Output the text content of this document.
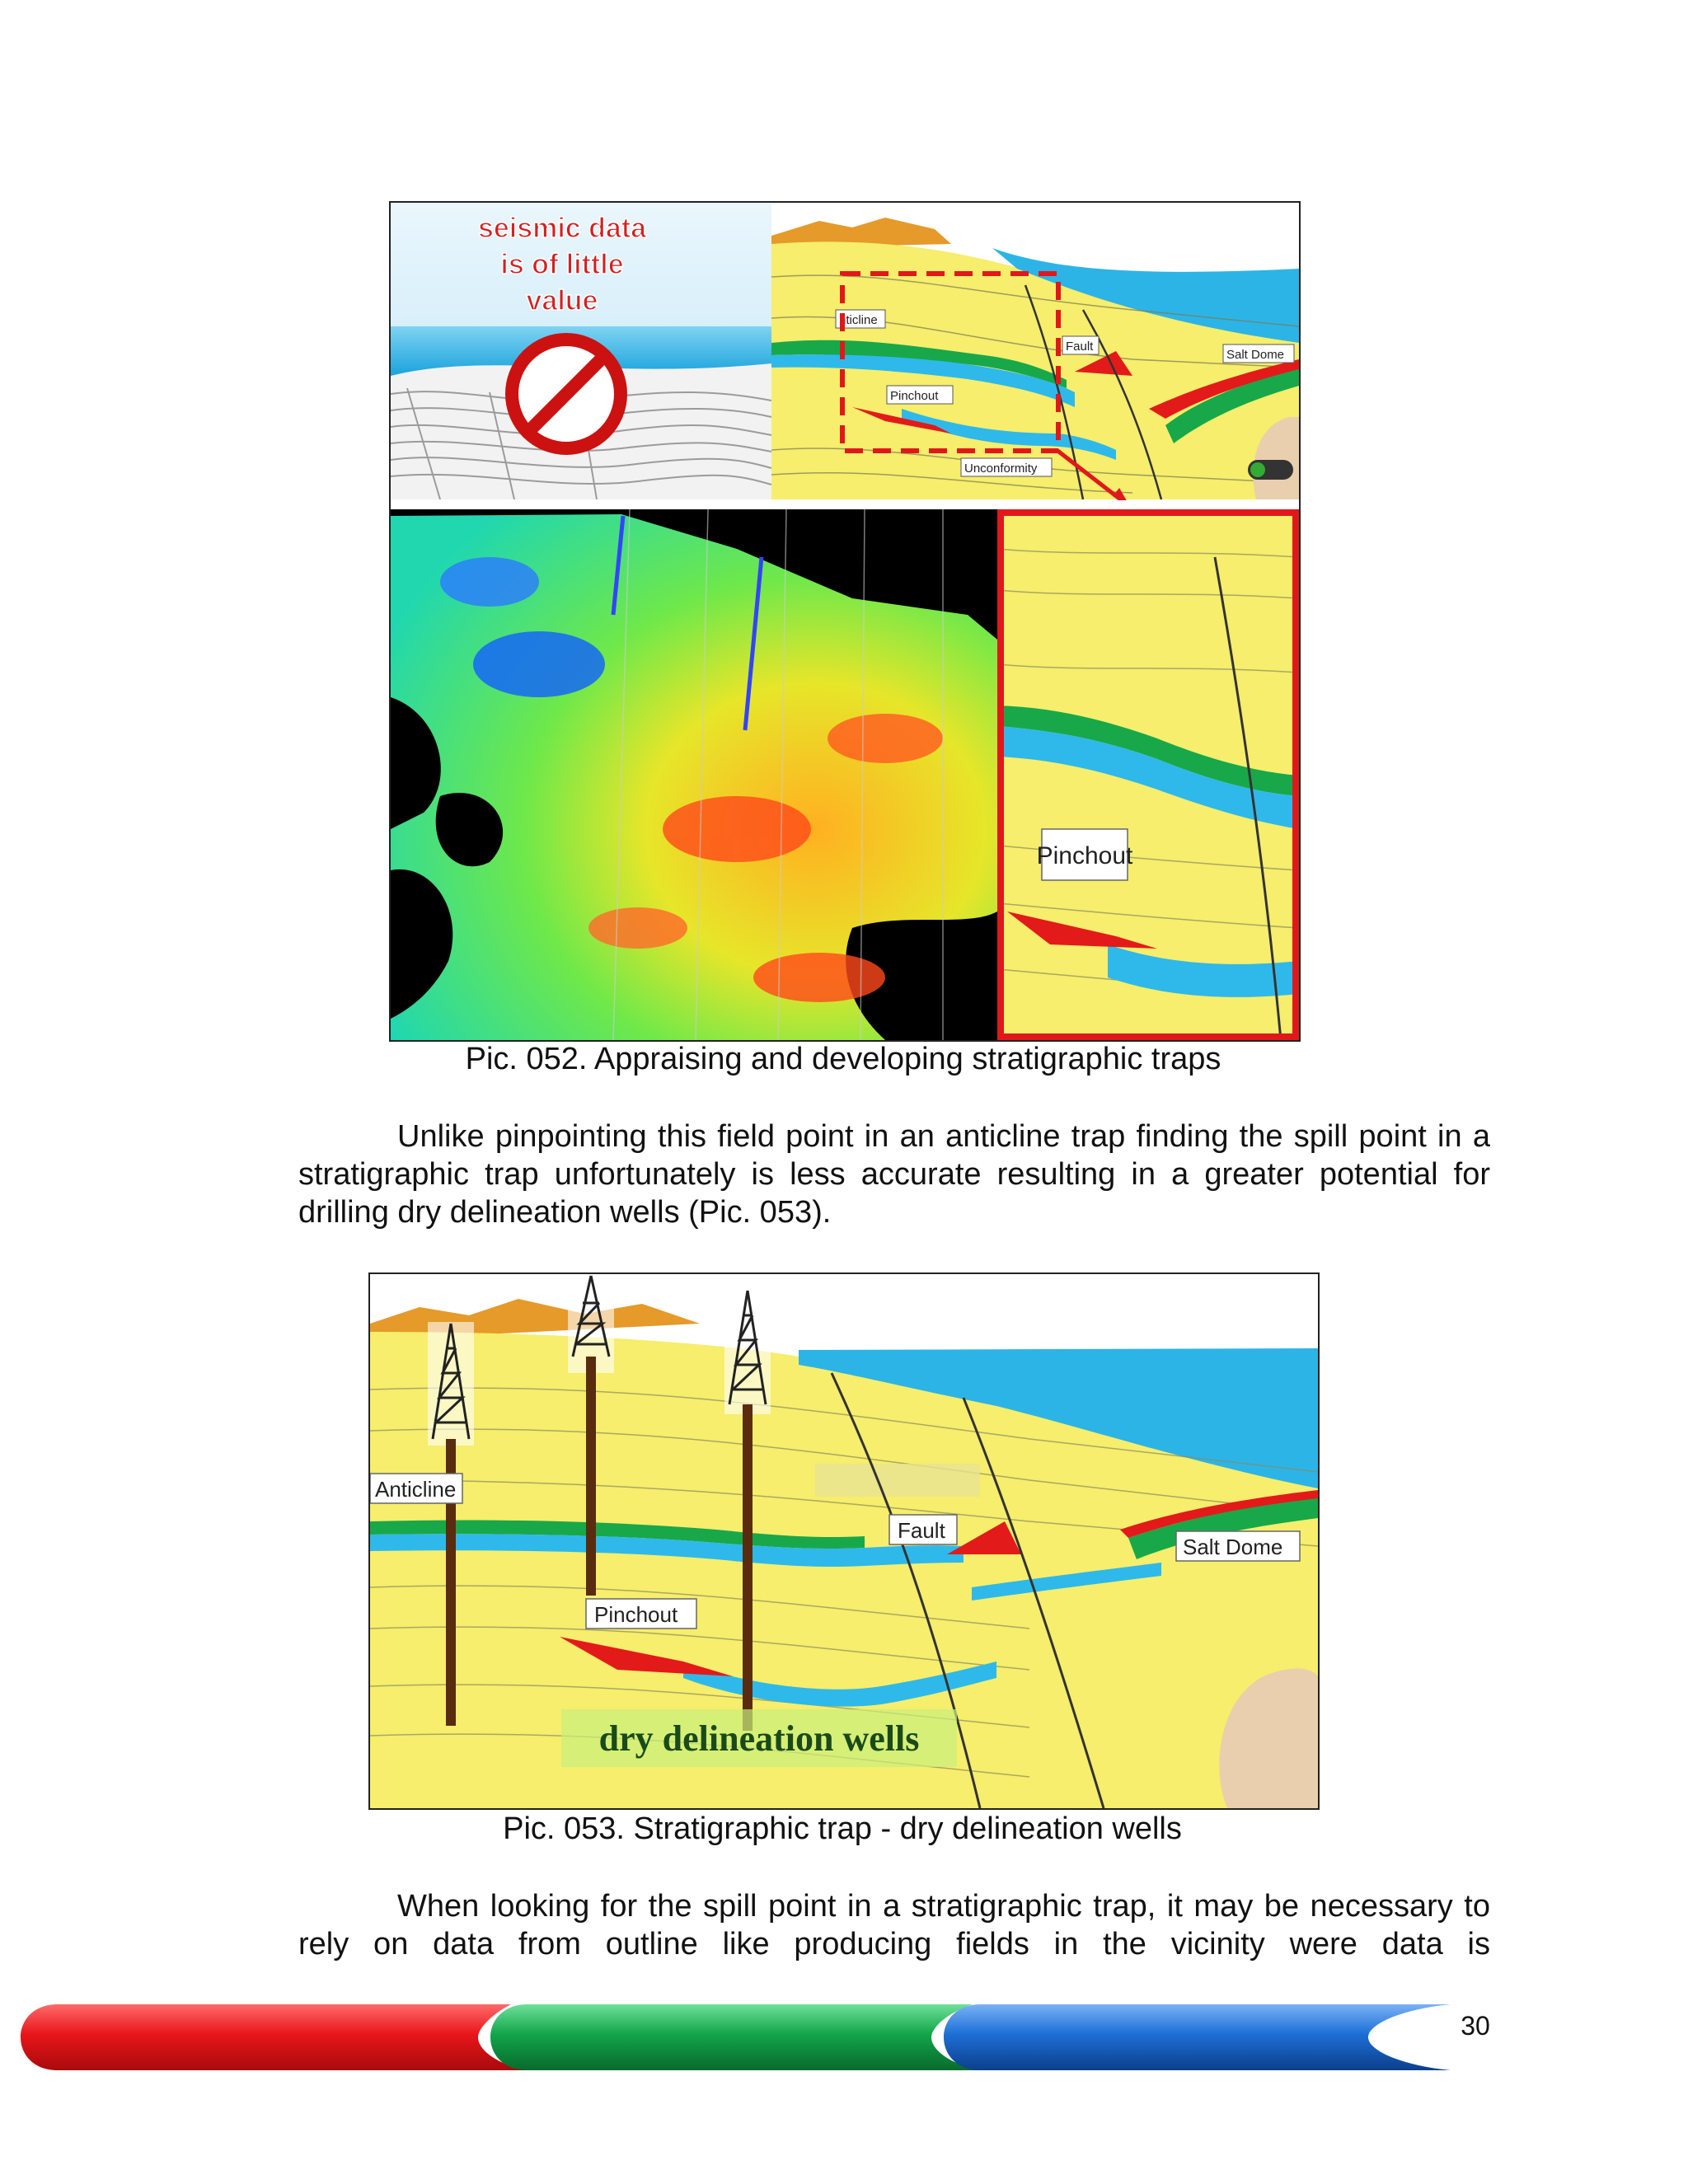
seismic data
is of little
value
nticline
Fault
Salt Dome
Pinchout
Unconformity
Pinchout
Pic. 052. Appraising and developing stratigraphic traps

Unlike pinpointing this field point in an anticline trap finding the spill point in a stratigraphic trap unfortunately is less accurate resulting in a greater potential for drilling dry delineation wells (Pic. 053).

Anticline
Fault
Salt Dome
Pinchout
dry delineation wells
Pic. 053. Stratigraphic trap - dry delineation wells

When looking for the spill point in a stratigraphic trap, it may be necessary to rely on data from outline like producing fields in the vicinity were data is

30
